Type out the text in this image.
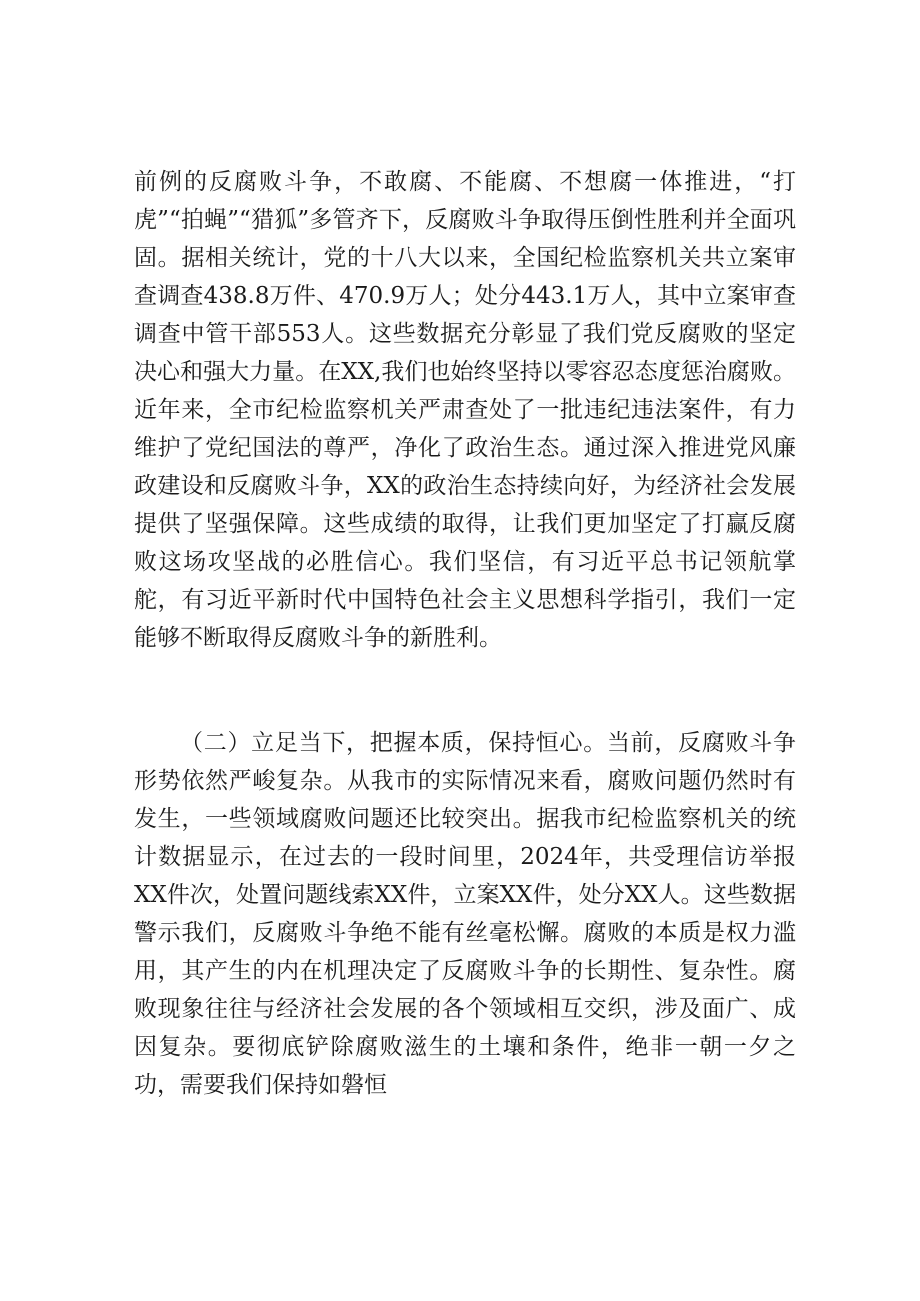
前例的反腐败斗争，不敢腐、不能腐、不想腐一体推进，“打虎”“拍蝇”“猎狐”多管齐下，反腐败斗争取得压倒性胜利并全面巩固。据相关统计，党的十八大以来，全国纪检监察机关共立案审查调查438.8万件、470.9万人；处分443.1万人，其中立案审查调查中管干部553人。这些数据充分彰显了我们党反腐败的坚定决心和强大力量。在XX,我们也始终坚持以零容忍态度惩治腐败。近年来，全市纪检监察机关严肃查处了一批违纪违法案件，有力维护了党纪国法的尊严，净化了政治生态。通过深入推进党风廉政建设和反腐败斗争，XX的政治生态持续向好，为经济社会发展提供了坚强保障。这些成绩的取得，让我们更加坚定了打赢反腐败这场攻坚战的必胜信心。我们坚信，有习近平总书记领航掌舵，有习近平新时代中国特色社会主义思想科学指引，我们一定能够不断取得反腐败斗争的新胜利。

（二）立足当下，把握本质，保持恒心。当前，反腐败斗争形势依然严峻复杂。从我市的实际情况来看，腐败问题仍然时有发生，一些领域腐败问题还比较突出。据我市纪检监察机关的统计数据显示，在过去的一段时间里，2024年，共受理信访举报XX件次，处置问题线索XX件，立案XX件，处分XX人。这些数据警示我们，反腐败斗争绝不能有丝毫松懈。腐败的本质是权力滥用，其产生的内在机理决定了反腐败斗争的长期性、复杂性。腐败现象往往与经济社会发展的各个领域相互交织，涉及面广、成因复杂。要彻底铲除腐败滋生的土壤和条件，绝非一朝一夕之功，需要我们保持如磐恒
